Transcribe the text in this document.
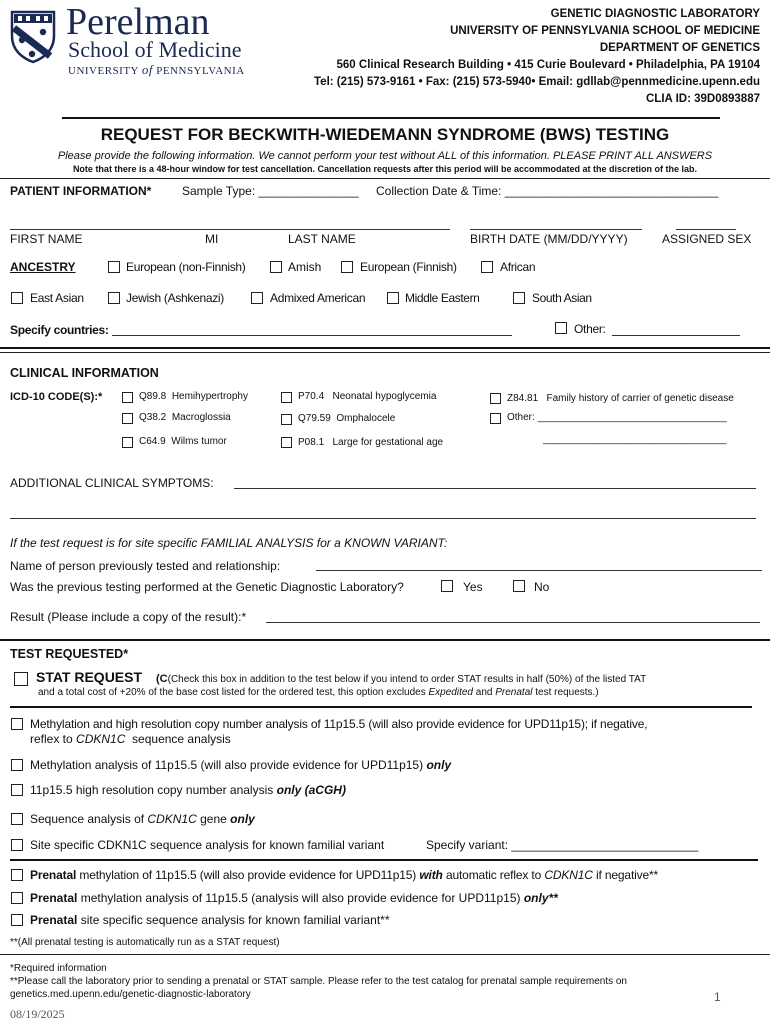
Perelman
School of Medicine
UNIVERSITY of PENNSYLVANIA
GENETIC DIAGNOSTIC LABORATORY
UNIVERSITY OF PENNSYLVANIA SCHOOL OF MEDICINE
DEPARTMENT OF GENETICS
560 Clinical Research Building • 415 Curie Boulevard • Philadelphia, PA 19104
Tel: (215) 573-9161 • Fax: (215) 573-5940• Email: gdllab@pennmedicine.upenn.edu
CLIA ID: 39D0893887
REQUEST FOR BECKWITH-WIEDEMANN SYNDROME (BWS) TESTING
Please provide the following information. We cannot perform your test without ALL of this information. PLEASE PRINT ALL ANSWERS
Note that there is a 48-hour window for test cancellation. Cancellation requests after this period will be accommodated at the discretion of the lab.
PATIENT INFORMATION*	Sample Type: _______________ Collection Date & Time: ________________________________
FIRST NAME	MI	LAST NAME	BIRTH DATE (MM/DD/YYYY)	ASSIGNED SEX
ANCESTRY	European (non-Finnish)	Amish	European (Finnish)	African
East Asian	Jewish (Ashkenazi)	Admixed American	Middle Eastern	South Asian
Specify countries:	Other:
CLINICAL INFORMATION
ICD-10 CODE(S):*	Q89.8 Hemihypertrophy	P70.4 Neonatal hypoglycemia	Z84.81 Family history of carrier of genetic disease
Q38.2 Macroglossia	Q79.59 Omphalocele	Other: __________________________________
C64.9 Wilms tumor	P08.1 Large for gestational age	_________________________________
ADDITIONAL CLINICAL SYMPTOMS:
If the test request is for site specific FAMILIAL ANALYSIS for a KNOWN VARIANT:
Name of person previously tested and relationship:
Was the previous testing performed at the Genetic Diagnostic Laboratory?	Yes	No
Result (Please include a copy of the result):*
TEST REQUESTED*
STAT REQUEST (C(Check this box in addition to the test below if you intend to order STAT results in half (50%) of the listed TAT
and a total cost of +20% of the base cost listed for the ordered test, this option excludes Expedited and Prenatal test requests.)
Methylation and high resolution copy number analysis of 11p15.5 (will also provide evidence for UPD11p15); if negative,
reflex to CDKN1C sequence analysis
Methylation analysis of 11p15.5 (will also provide evidence for UPD11p15) only
11p15.5 high resolution copy number analysis only (aCGH)
Sequence analysis of CDKN1C gene only
Site specific CDKN1C sequence analysis for known familial variant	Specify variant: ____________________________
Prenatal methylation of 11p15.5 (will also provide evidence for UPD11p15) with automatic reflex to CDKN1C if negative**
Prenatal methylation analysis of 11p15.5 (analysis will also provide evidence for UPD11p15) only**
Prenatal site specific sequence analysis for known familial variant**
**(All prenatal testing is automatically run as a STAT request)
*Required information
**Please call the laboratory prior to sending a prenatal or STAT sample. Please refer to the test catalog for prenatal sample requirements on
genetics.med.upenn.edu/genetic-diagnostic-laboratory	1
08/19/2025
